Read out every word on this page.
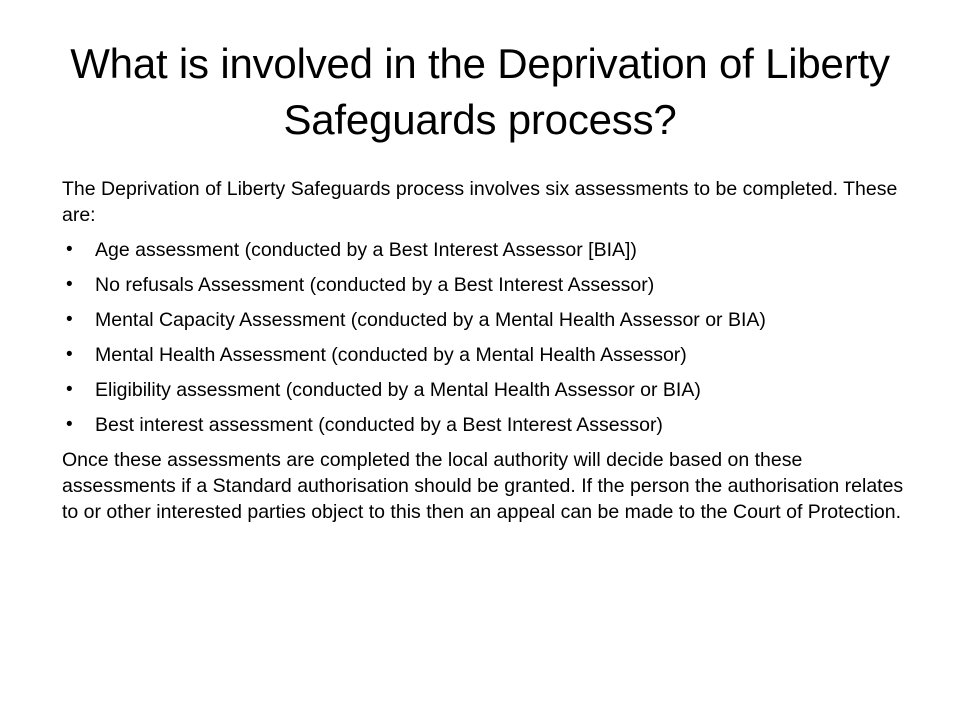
What is involved in the Deprivation of Liberty Safeguards process?

The Deprivation of Liberty Safeguards process involves six assessments to be completed. These are:

• Age assessment (conducted by a Best Interest Assessor [BIA])
• No refusals Assessment (conducted by a Best Interest Assessor)
• Mental Capacity Assessment (conducted by a Mental Health Assessor or BIA)
• Mental Health Assessment (conducted by a Mental Health Assessor)
• Eligibility assessment (conducted by a Mental Health Assessor or BIA)
• Best interest assessment (conducted by a Best Interest Assessor)

Once these assessments are completed the local authority will decide based on these assessments if a Standard authorisation should be granted. If the person the authorisation relates to or other interested parties object to this then an appeal can be made to the Court of Protection.
